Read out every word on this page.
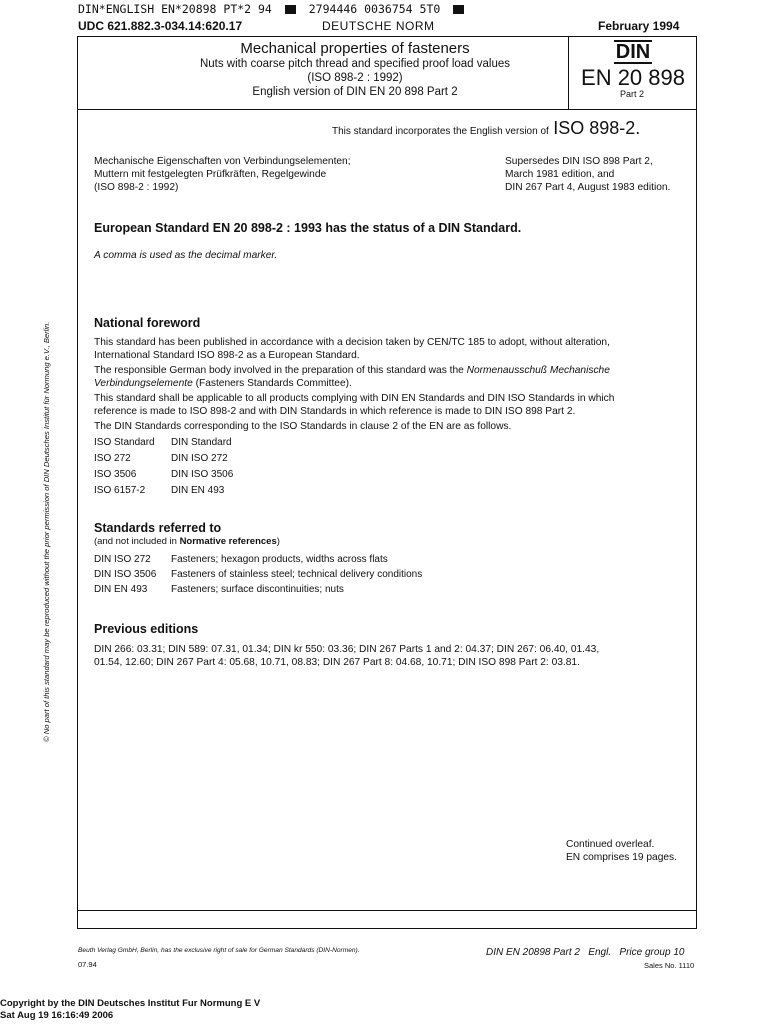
DIN*ENGLISH EN*20898 PT*2 94	2794446 0036754 5T0
UDC 621.882.3-034.14:620.17	DEUTSCHE NORM	February 1994
Mechanical properties of fasteners
Nuts with coarse pitch thread and specified proof load values
(ISO 898-2 : 1992)
English version of DIN EN 20 898 Part 2
DIN
EN 20 898
Part 2
This standard incorporates the English version of ISO 898-2.
Mechanische Eigenschaften von Verbindungselementen;
Muttern mit festgelegten Prüfkräften, Regelgewinde
(ISO 898-2 : 1992)
Supersedes DIN ISO 898 Part 2,
March 1981 edition, and
DIN 267 Part 4, August 1983 edition.
European Standard EN 20 898-2 : 1993 has the status of a DIN Standard.
A comma is used as the decimal marker.
© No part of this standard may be reproduced without the prior permission of DIN Deutsches Institut für Normung e.V., Berlin.	National foreword
This standard has been published in accordance with a decision taken by CEN/TC 185 to adopt, without alteration,
International Standard ISO 898-2 as a European Standard.
The responsible German body involved in the preparation of this standard was the Normenausschuß Mechanische
Verbindungselemente (Fasteners Standards Committee).
This standard shall be applicable to all products complying with DIN EN Standards and DIN ISO Standards in which
reference is made to ISO 898-2 and with DIN Standards in which reference is made to DIN ISO 898 Part 2.
The DIN Standards corresponding to the ISO Standards in clause 2 of the EN are as follows.
ISO Standard DIN Standard
ISO 272	DIN ISO 272
ISO 3506	DIN ISO 3506
ISO 6157-2	DIN EN 493
Standards referred to
(and not included in Normative references)
DIN ISO 272 Fasteners; hexagon products, widths across flats
DIN ISO 3506 Fasteners of stainless steel; technical delivery conditions
DIN EN 493 Fasteners; surface discontinuities; nuts
Previous editions
DIN 266: 03.31; DIN 589: 07.31, 01.34; DIN kr 550: 03.36; DIN 267 Parts 1 and 2: 04.37; DIN 267: 06.40, 01.43,
01.54, 12.60; DIN 267 Part 4: 05.68, 10.71, 08.83; DIN 267 Part 8: 04.68, 10.71; DIN ISO 898 Part 2: 03.81.
Continued overleaf.
EN comprises 19 pages.
Beuth Verlag GmbH, Berlin, has the exclusive right of sale for German Standards (DIN-Normen).
07.94
DIN EN 20898 Part 2   Engl.   Price group 10
Sales No. 1110
Copyright by the DIN Deutsches Institut Fur Normung E V
Sat Aug 19 16:16:49 2006
